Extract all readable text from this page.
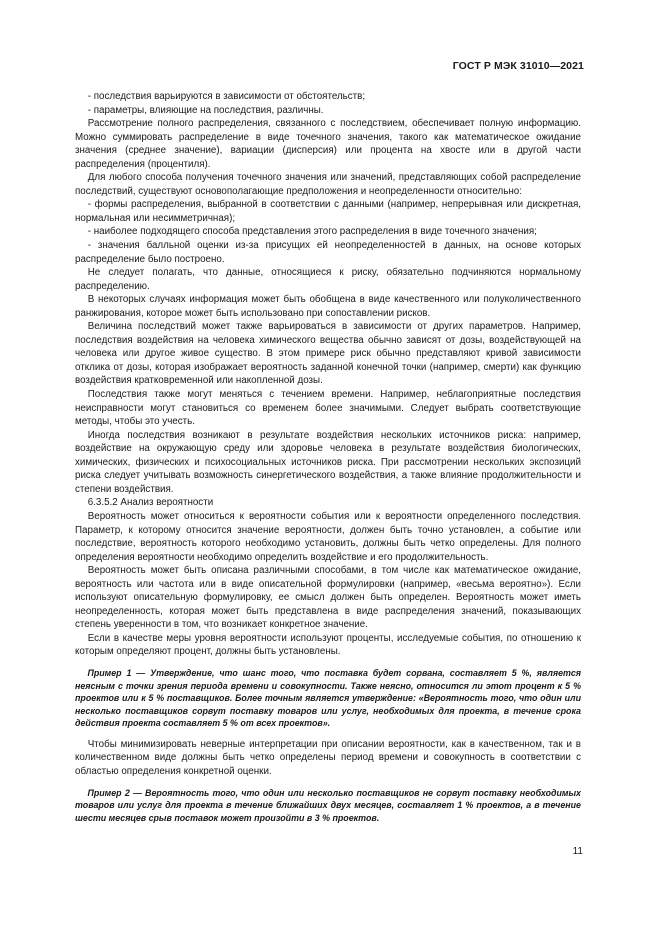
ГОСТ Р МЭК 31010—2021

- последствия варьируются в зависимости от обстоятельств;

- параметры, влияющие на последствия, различны.

Рассмотрение полного распределения, связанного с последствием, обеспечивает полную информацию. Можно суммировать распределение в виде точечного значения, такого как математическое ожидание значения (среднее значение), вариации (дисперсия) или процента на хвосте или в другой части распределения (процентиля).

Для любого способа получения точечного значения или значений, представляющих собой распределение последствий, существуют основополагающие предположения и неопределенности относительно:

- формы распределения, выбранной в соответствии с данными (например, непрерывная или дискретная, нормальная или несимметричная);

- наиболее подходящего способа представления этого распределения в виде точечного значения;

- значения балльной оценки из-за присущих ей неопределенностей в данных, на основе которых распределение было построено.

Не следует полагать, что данные, относящиеся к риску, обязательно подчиняются нормальному распределению.

В некоторых случаях информация может быть обобщена в виде качественного или полуколичественного ранжирования, которое может быть использовано при сопоставлении рисков.

Величина последствий может также варьироваться в зависимости от других параметров. Например, последствия воздействия на человека химического вещества обычно зависят от дозы, воздействующей на человека или другое живое существо. В этом примере риск обычно представляют кривой зависимости отклика от дозы, которая изображает вероятность заданной конечной точки (например, смерти) как функцию воздействия кратковременной или накопленной дозы.

Последствия также могут меняться с течением времени. Например, неблагоприятные последствия неисправности могут становиться со временем более значимыми. Следует выбрать соответствующие методы, чтобы это учесть.

Иногда последствия возникают в результате воздействия нескольких источников риска: например, воздействие на окружающую среду или здоровье человека в результате воздействия биологических, химических, физических и психосоциальных источников риска. При рассмотрении нескольких экспозиций риска следует учитывать возможность синергетического воздействия, а также влияние продолжительности и степени воздействия.

6.3.5.2 Анализ вероятности

Вероятность может относиться к вероятности события или к вероятности определенного последствия. Параметр, к которому относится значение вероятности, должен быть точно установлен, а событие или последствие, вероятность которого необходимо установить, должны быть четко определены. Для полного определения вероятности необходимо определить воздействие и его продолжительность.

Вероятность может быть описана различными способами, в том числе как математическое ожидание, вероятность или частота или в виде описательной формулировки (например, «весьма вероятно»). Если используют описательную формулировку, ее смысл должен быть определен. Вероятность может иметь неопределенность, которая может быть представлена в виде распределения значений, показывающих степень уверенности в том, что возникает конкретное значение.

Если в качестве меры уровня вероятности используют проценты, исследуемые события, по отношению к которым определяют процент, должны быть установлены.

Пример 1 — Утверждение, что шанс того, что поставка будет сорвана, составляет 5 %, является неясным с точки зрения периода времени и совокупности. Также неясно, относится ли этот процент к 5 % проектов или к 5 % поставщиков. Более точным является утверждение: «Вероятность того, что один или несколько поставщиков сорвут поставку товаров или услуг, необходимых для проекта, в течение срока действия проекта составляет 5 % от всех проектов».

Чтобы минимизировать неверные интерпретации при описании вероятности, как в качественном, так и в количественном виде должны быть четко определены период времени и совокупность в соответствии с областью определения конкретной оценки.

Пример 2 — Вероятность того, что один или несколько поставщиков не сорвут поставку необходимых товаров или услуг для проекта в течение ближайших двух месяцев, составляет 1 % проектов, а в течение шести месяцев срыв поставок может произойти в 3 % проектов.

11
